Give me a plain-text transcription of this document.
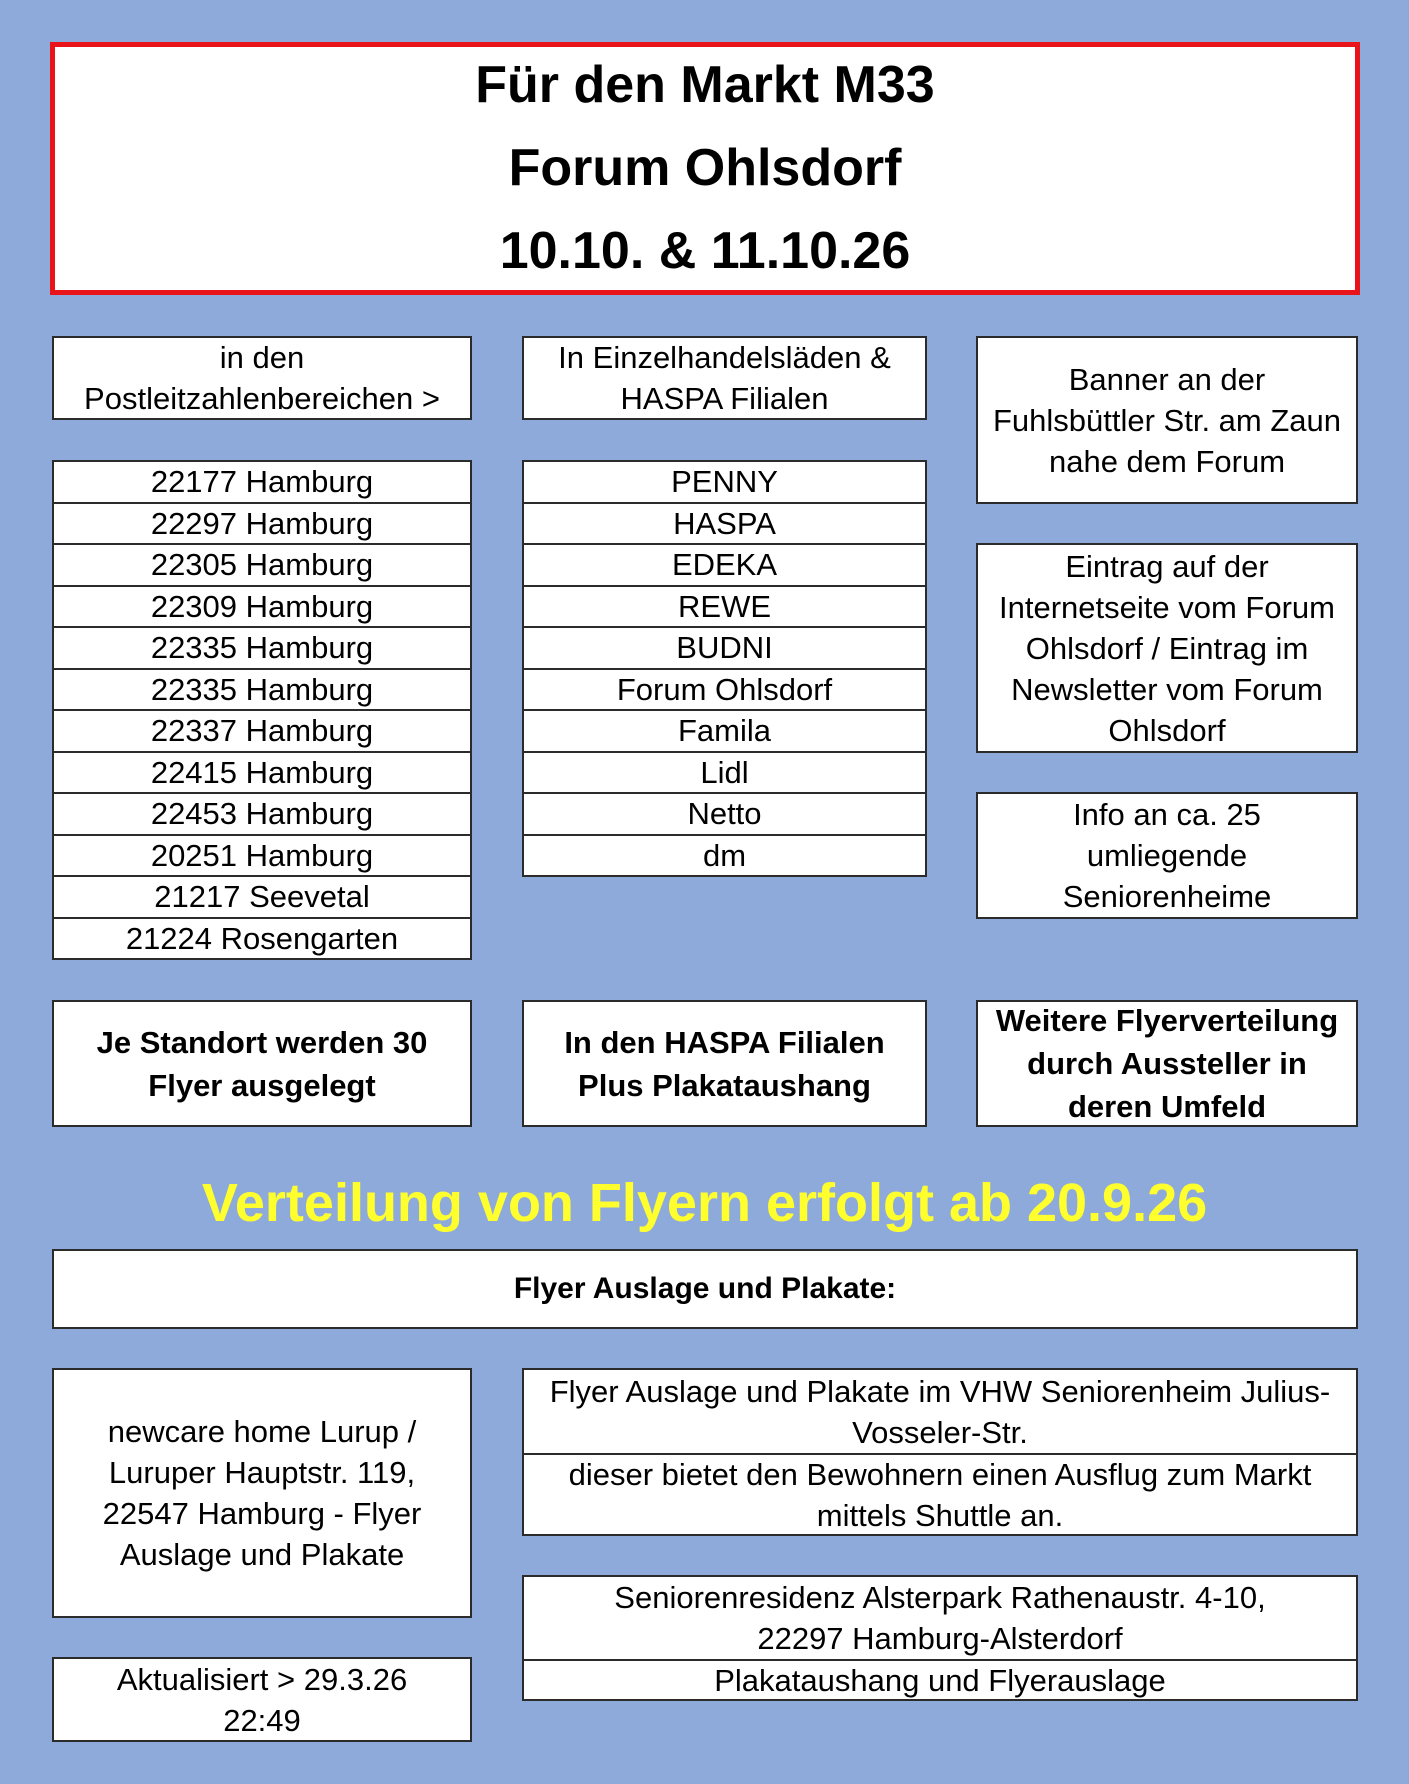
Für den Markt M33
Forum Ohlsdorf
10.10. & 11.10.26
in den Postleitzahlenbereichen >
22177 Hamburg
22297 Hamburg
22305 Hamburg
22309 Hamburg
22335 Hamburg
22335 Hamburg
22337 Hamburg
22415 Hamburg
22453 Hamburg
20251 Hamburg
21217 Seevetal
21224 Rosengarten
In Einzelhandelsläden & HASPA Filialen
PENNY
HASPA
EDEKA
REWE
BUDNI
Forum Ohlsdorf
Famila
Lidl
Netto
dm
Banner an der Fuhlsbüttler Str. am Zaun nahe dem Forum
Eintrag auf der Internetseite vom Forum Ohlsdorf / Eintrag im Newsletter vom Forum Ohlsdorf
Info an ca. 25 umliegende Seniorenheime
Je Standort werden 30 Flyer ausgelegt
In den HASPA Filialen Plus Plakataushang
Weitere Flyerverteilung durch Aussteller in deren Umfeld
Verteilung von Flyern erfolgt ab 20.9.26
Flyer Auslage und Plakate:
newcare home Lurup / Luruper Hauptstr. 119, 22547 Hamburg - Flyer Auslage und Plakate
Flyer Auslage und Plakate im VHW Seniorenheim Julius-Vosseler-Str.
dieser bietet den Bewohnern einen Ausflug zum Markt mittels Shuttle an.
Seniorenresidenz Alsterpark Rathenaustr. 4-10, 22297 Hamburg-Alsterdorf
Plakataushang und Flyerauslage
Aktualisiert > 29.3.26 22:49
